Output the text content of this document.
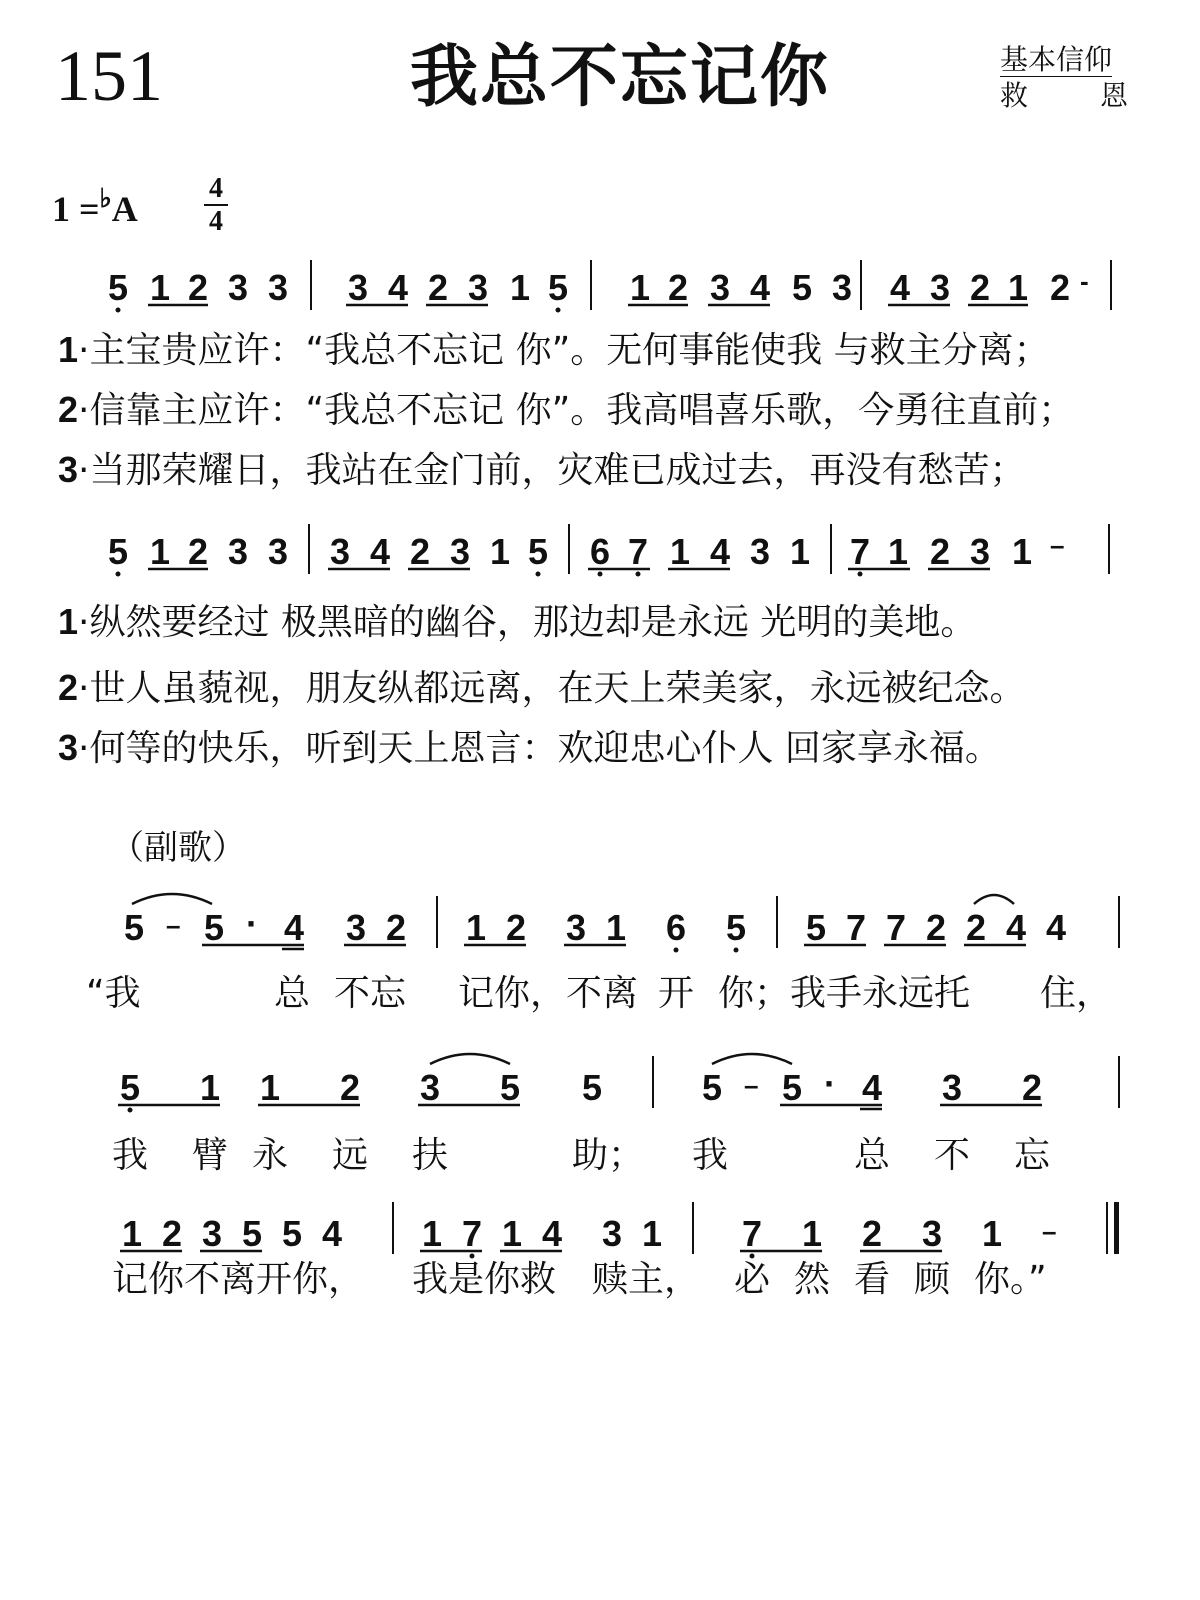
151	我总不忘记你	基本信仰
救	恩
1 =♭A
4
4
5 1 2 3 3 3 4 2 3 1 5 1 2 3 4 5 3 4 3 2 1 2 -
1·主宝贵应许：“我总不忘记 你”。无何事能使我 与救主分离；
2·信靠主应许：“我总不忘记 你”。我高唱喜乐歌，今勇往直前；
3·当那荣耀日，我站在金门前，灾难已成过去，再没有愁苦；
5 1 2 3 3 3 4 2 3 1 5 6 7 1 4 3 1 7 1 2 3 1 –
1·纵然要经过 极黑暗的幽谷，那边却是永远 光明的美地。
2·世人虽藐视，朋友纵都远离，在天上荣美家，永远被纪念。
3·何等的快乐，听到天上恩言：欢迎忠心仆人 回家享永福。
（副歌）
5 – 5 · 4 3 2 1 2 3 1 6 5 5 7 7 2 2 4 4
“我	总 不忘 记你，不离 开 你；我手永远托 住，
5 1 1 2 3 5 5	5 – 5 · 4 3 2
我 臂 永 远 扶	助； 我	总 不 忘
1 2 3 5 5 4 1 7 1 4 3 1 7 1 2 3 1 –
记你不离开你， 我是你救 赎主， 必 然 看 顾 你。”
